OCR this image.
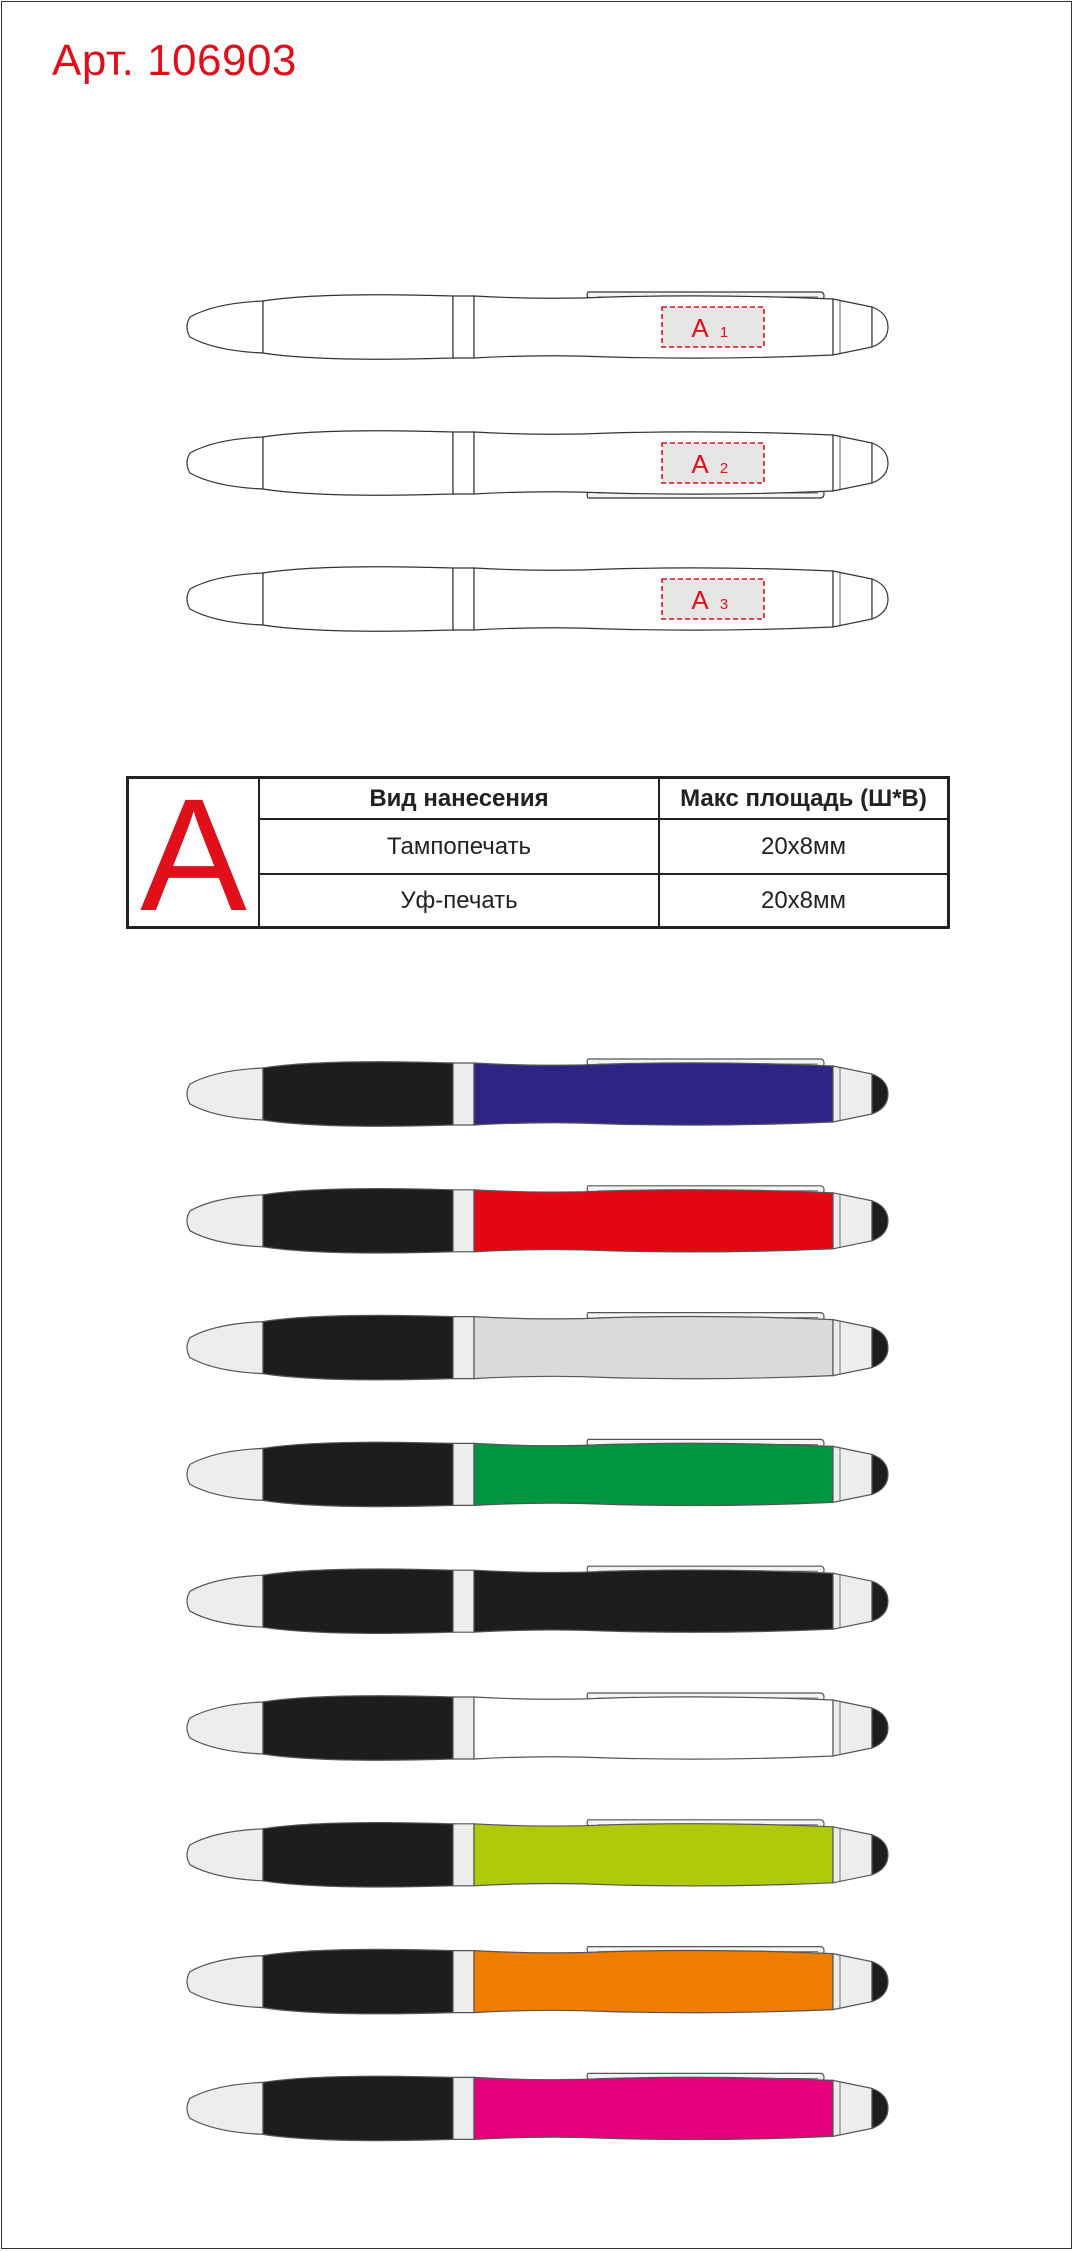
Арт. 106903
A 1
A 2
A 3
A	Вид нанесения	Макс площадь (Ш*В)
Тампопечать	20x8мм
Уф-печать	20x8мм
